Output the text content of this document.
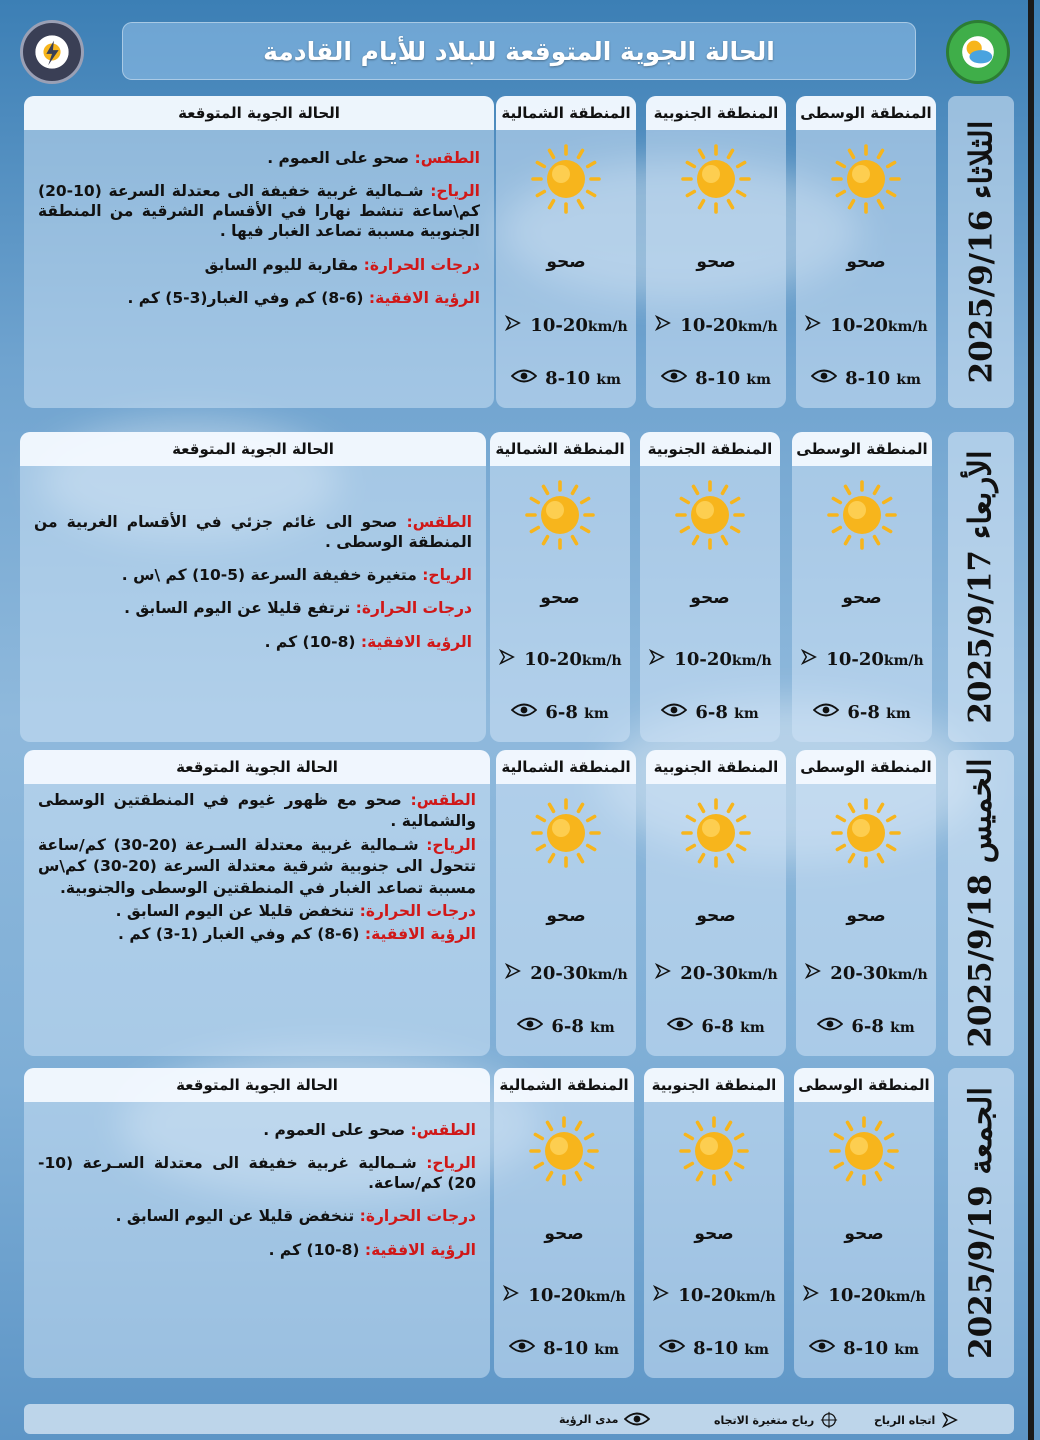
الحالة الجوية المتوقعة للبلاد للأيام القادمة
الثلاثاء 2025/9/16
المنطقة الوسطى
صحو
10-20km/h
8-10 km
المنطقة الجنوبية
صحو
10-20km/h
8-10 km
المنطقة الشمالية
صحو
10-20km/h
8-10 km
الحالة الجوية المتوقعة
الطقس: صحو على العموم .
الرياح: شـمالية غربية خفيفة الى معتدلة السرعة (10-20) كم\ساعة تنشط نهارا في الأقسام الشرقية من المنطقة الجنوبية مسببة تصاعد الغبار فيها .
درجات الحرارة: مقاربة لليوم السابق
الرؤية الافقية: (6-8) كم وفي الغبار(3-5) كم .
الأربعاء 2025/9/17
المنطقة الوسطى
صحو
10-20km/h
6-8 km
المنطقة الجنوبية
صحو
10-20km/h
6-8 km
المنطقة الشمالية
صحو
10-20km/h
6-8 km
الحالة الجوية المتوقعة
الطقس: صحو الى غائم جزئي في الأقسام الغربية من المنطقة الوسطى .
الرياح: متغيرة خفيفة السرعة (5-10) كم \س .
درجات الحرارة: ترتفع قليلا عن اليوم السابق .
الرؤية الافقية: (8-10) كم .
الخميس 2025/9/18
المنطقة الوسطى
صحو
20-30km/h
6-8 km
المنطقة الجنوبية
صحو
20-30km/h
6-8 km
المنطقة الشمالية
صحو
20-30km/h
6-8 km
الحالة الجوية المتوقعة
الطقس: صحو مع ظهور غيوم في المنطقتين الوسطى والشمالية .
الرياح: شـمالية غربية معتدلة السـرعة (20-30) كم/ساعة تتحول الى جنوبية شرقية معتدلة السرعة (20-30) كم\س مسببة تصاعد الغبار في المنطقتين الوسطى والجنوبية.
درجات الحرارة: تنخفض قليلا عن اليوم السابق .
الرؤية الافقية: (6-8) كم وفي الغبار (1-3) كم .
الجمعة 2025/9/19
المنطقة الوسطى
صحو
10-20km/h
8-10 km
المنطقة الجنوبية
صحو
10-20km/h
8-10 km
المنطقة الشمالية
صحو
10-20km/h
8-10 km
الحالة الجوية المتوقعة
الطقس: صحو على العموم .
الرياح: شـمالية غربية خفيفة الى معتدلة السـرعة (10-20) كم/ساعة.
درجات الحرارة: تنخفض قليلا عن اليوم السابق .
الرؤية الافقية: (8-10) كم .
اتجاه الرياح
رياح متغيرة الاتجاه
مدى الرؤية
